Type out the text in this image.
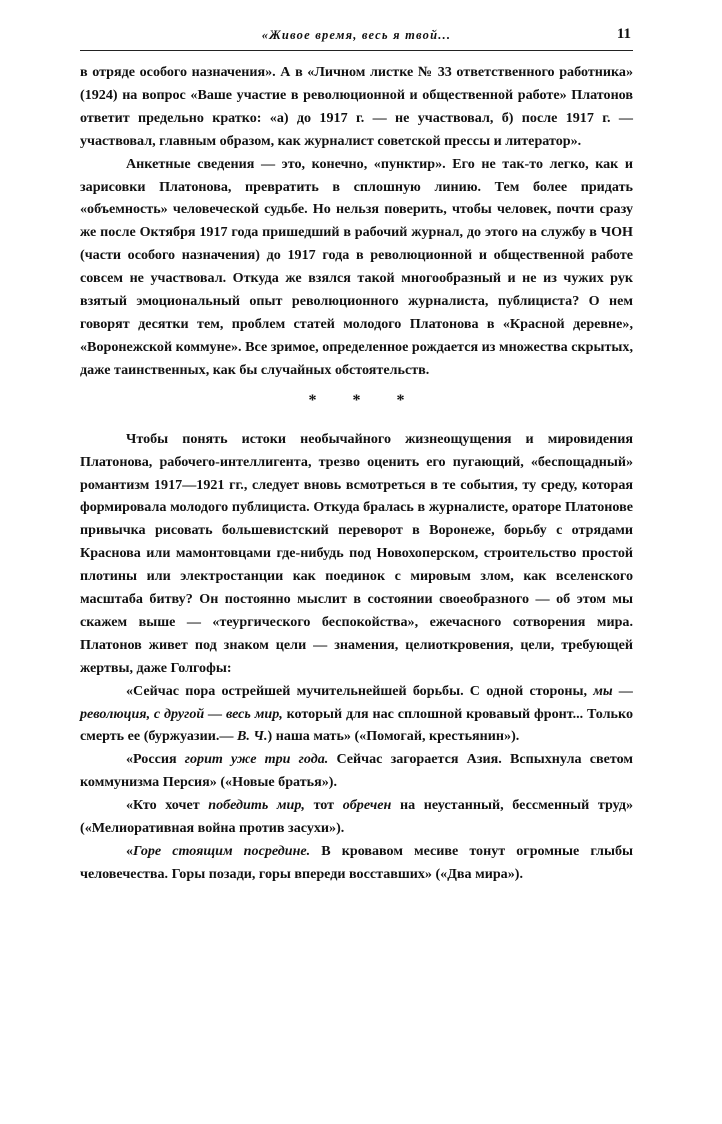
«Живое время, весь я твой...	11

в отряде особого назначения». А в «Личном листке № 33 ответственного работника» (1924) на вопрос «Ваше участие в революционной и общественной работе» Платонов ответит предельно кратко: «а) до 1917 г. — не участвовал, б) после 1917 г. — участвовал, главным образом, как журналист советской прессы и литератор».

Анкетные сведения — это, конечно, «пунктир». Его не так-то легко, как и зарисовки Платонова, превратить в сплошную линию. Тем более придать «объемность» человеческой судьбе. Но нельзя поверить, чтобы человек, почти сразу же после Октября 1917 года пришедший в рабочий журнал, до этого на службу в ЧОН (части особого назначения) до 1917 года в революционной и общественной работе совсем не участвовал. Откуда же взялся такой многообразный и не из чужих рук взятый эмоциональный опыт революционного журналиста, публициста? О нем говорят десятки тем, проблем статей молодого Платонова в «Красной деревне», «Воронежской коммуне». Все зримое, определенное рождается из множества скрытых, даже таинственных, как бы случайных обстоятельств.

* * *

Чтобы понять истоки необычайного жизнеощущения и мировидения Платонова, рабочего-интеллигента, трезво оценить его пугающий, «беспощадный» романтизм 1917—1921 гг., следует вновь всмотреться в те события, ту среду, которая формировала молодого публициста. Откуда бралась в журналисте, ораторе Платонове привычка рисовать большевистский переворот в Воронеже, борьбу с отрядами Краснова или мамонтовцами где-нибудь под Новохоперском, строительство простой плотины или электростанции как поединок с мировым злом, как вселенского масштаба битву? Он постоянно мыслит в состоянии своеобразного — об этом мы скажем выше — «теургического беспокойства», ежечасного сотворения мира. Платонов живет под знаком цели — знамения, целиоткровения, цели, требующей жертвы, даже Голгофы:

«Сейчас пора острейшей мучительнейшей борьбы. С одной стороны, мы — революция, с другой — весь мир, который для нас сплошной кровавый фронт... Только смерть ее (буржуазии.— В. Ч.) наша мать» («Помогай, крестьянин»).

«Россия горит уже три года. Сейчас загорается Азия. Вспыхнула светом коммунизма Персия» («Новые братья»).

«Кто хочет победить мир, тот обречен на неустанный, бессменный труд» («Мелиоративная война против засухи»).

«Горе стоящим посредине. В кровавом месиве тонут огромные глыбы человечества. Горы позади, горы впереди восставших» («Два мира»).
